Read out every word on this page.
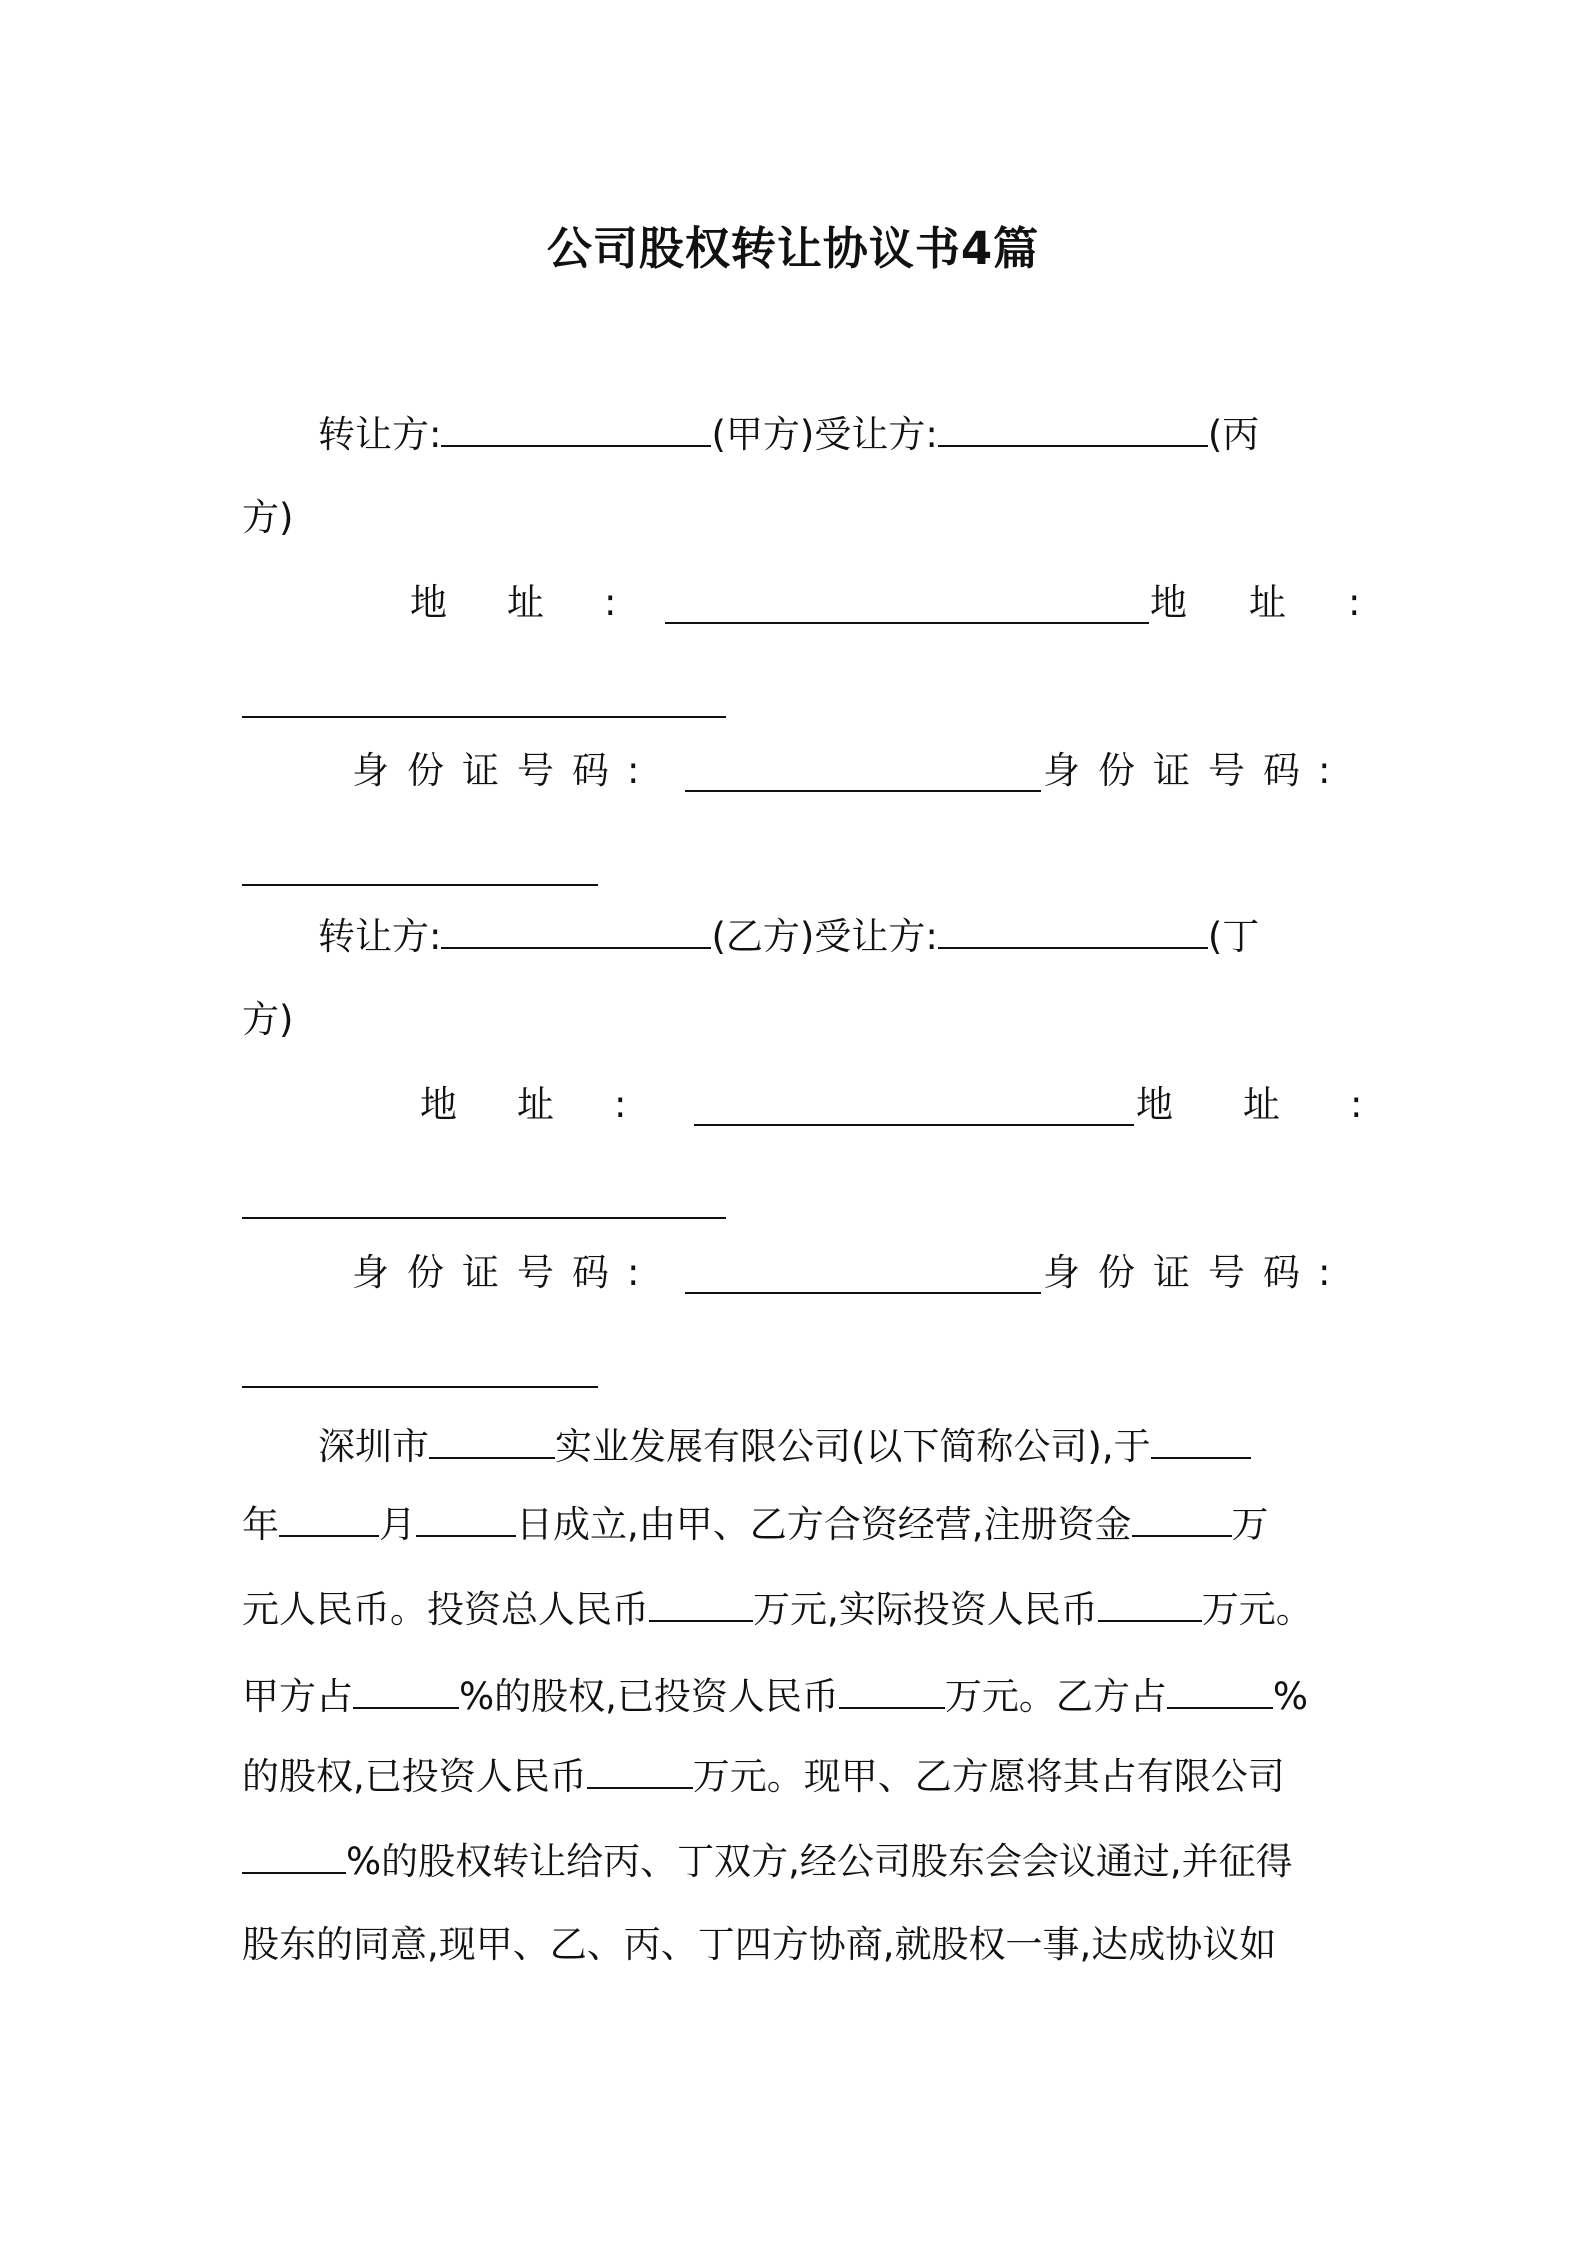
公司股权转让协议书4篇
转让方:	(甲方)受让方:	(丙
方)
地址:	地址:
身份证号码:	身份证号码:
转让方:	(乙方)受让方:	(丁
方)
地址:	地址:
身份证号码:	身份证号码:
深圳市	实业发展有限公司(以下简称公司),于
年	月	日成立,由甲、乙方合资经营,注册资金	万
元人民币。投资总人民币	万元,实际投资人民币	万元。
甲方占	%的股权,已投资人民币	万元。乙方占	%
的股权,已投资人民币	万元。现甲、乙方愿将其占有限公司
%的股权转让给丙、丁双方,经公司股东会会议通过,并征得
股东的同意,现甲、乙、丙、丁四方协商,就股权一事,达成协议如
